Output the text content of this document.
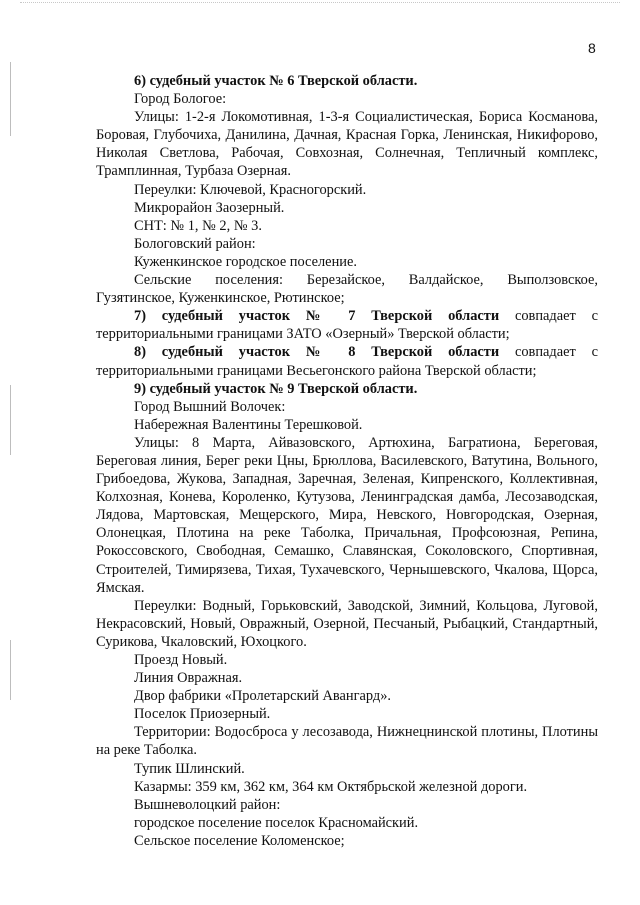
8

6) судебный участок № 6 Тверской области.

Город Бологое:

Улицы: 1-2-я Локомотивная, 1-3-я Социалистическая, Бориса Косманова, Боровая, Глубочиха, Данилина, Дачная, Красная Горка, Ленинская, Никифорово, Николая Светлова, Рабочая, Совхозная, Солнечная, Тепличный комплекс, Трамплинная, Турбаза Озерная.

Переулки: Ключевой, Красногорский.

Микрорайон Заозерный.

СНТ: № 1, № 2, № 3.

Бологовский район:

Куженкинское городское поселение.

Сельские поселения: Березайское, Валдайское, Выползовское, Гузятинское, Куженкинское, Рютинское;

7) судебный участок № 7 Тверской области совпадает с территориальными границами ЗАТО «Озерный» Тверской области;

8) судебный участок № 8 Тверской области совпадает с территориальными границами Весьегонского района Тверской области;

9) судебный участок № 9 Тверской области.

Город Вышний Волочек:

Набережная Валентины Терешковой.

Улицы: 8 Марта, Айвазовского, Артюхина, Багратиона, Береговая, Береговая линия, Берег реки Цны, Брюллова, Василевского, Ватутина, Вольного, Грибоедова, Жукова, Западная, Заречная, Зеленая, Кипренского, Коллективная, Колхозная, Конева, Короленко, Кутузова, Ленинградская дамба, Лесозаводская, Лядова, Мартовская, Мещерского, Мира, Невского, Новгородская, Озерная, Олонецкая, Плотина на реке Таболка, Причальная, Профсоюзная, Репина, Рокоссовского, Свободная, Семашко, Славянская, Соколовского, Спортивная, Строителей, Тимирязева, Тихая, Тухачевского, Чернышевского, Чкалова, Щорса, Ямская.

Переулки: Водный, Горьковский, Заводской, Зимний, Кольцова, Луговой, Некрасовский, Новый, Овражный, Озерной, Песчаный, Рыбацкий, Стандартный, Сурикова, Чкаловский, Юхоцкого.

Проезд Новый.

Линия Овражная.

Двор фабрики «Пролетарский Авангард».

Поселок Приозерный.

Территории: Водосброса у лесозавода, Нижнецнинской плотины, Плотины на реке Таболка.

Тупик Шлинский.

Казармы: 359 км, 362 км, 364 км Октябрьской железной дороги.

Вышневолоцкий район:

городское поселение поселок Красномайский.

Сельское поселение Коломенское;
